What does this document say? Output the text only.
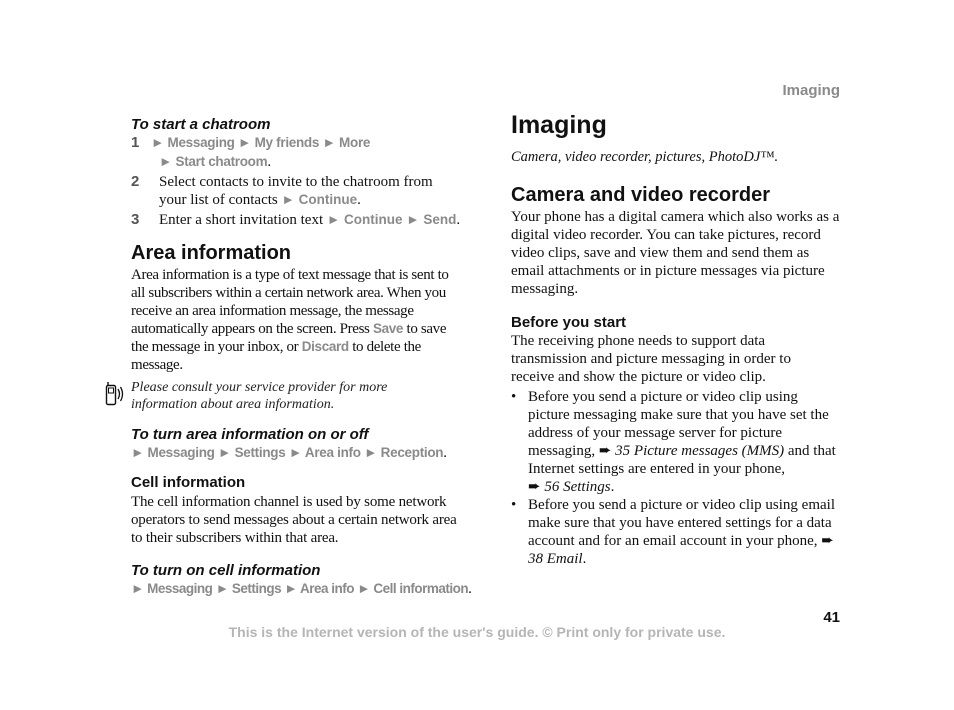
Imaging
To start a chatroom
1 ► Messaging ► My friends ► More
► Start chatroom.
2	Select contacts to invite to the chatroom from your list of contacts ► Continue.
3	Enter a short invitation text ► Continue ► Send.
Area information
Area information is a type of text message that is sent to all subscribers within a certain network area. When you receive an area information message, the message automatically appears on the screen. Press Save to save the message in your inbox, or Discard to delete the message.
Please consult your service provider for more information about area information.
To turn area information on or off
► Messaging ► Settings ► Area info ► Reception.
Cell information
The cell information channel is used by some network operators to send messages about a certain network area to their subscribers within that area.
To turn on cell information
► Messaging ► Settings ► Area info ► Cell information.
Imaging
Camera, video recorder, pictures, PhotoDJ™.
Camera and video recorder
Your phone has a digital camera which also works as a digital video recorder. You can take pictures, record video clips, save and view them and send them as email attachments or in picture messages via picture messaging.
Before you start
The receiving phone needs to support data transmission and picture messaging in order to receive and show the picture or video clip.
• Before you send a picture or video clip using picture messaging make sure that you have set the address of your message server for picture messaging, ➨ 35 Picture messages (MMS) and that Internet settings are entered in your phone,
➨ 56 Settings.
• Before you send a picture or video clip using email make sure that you have entered settings for a data account and for an email account in your phone, ➨ 38 Email.
41
This is the Internet version of the user's guide. © Print only for private use.
